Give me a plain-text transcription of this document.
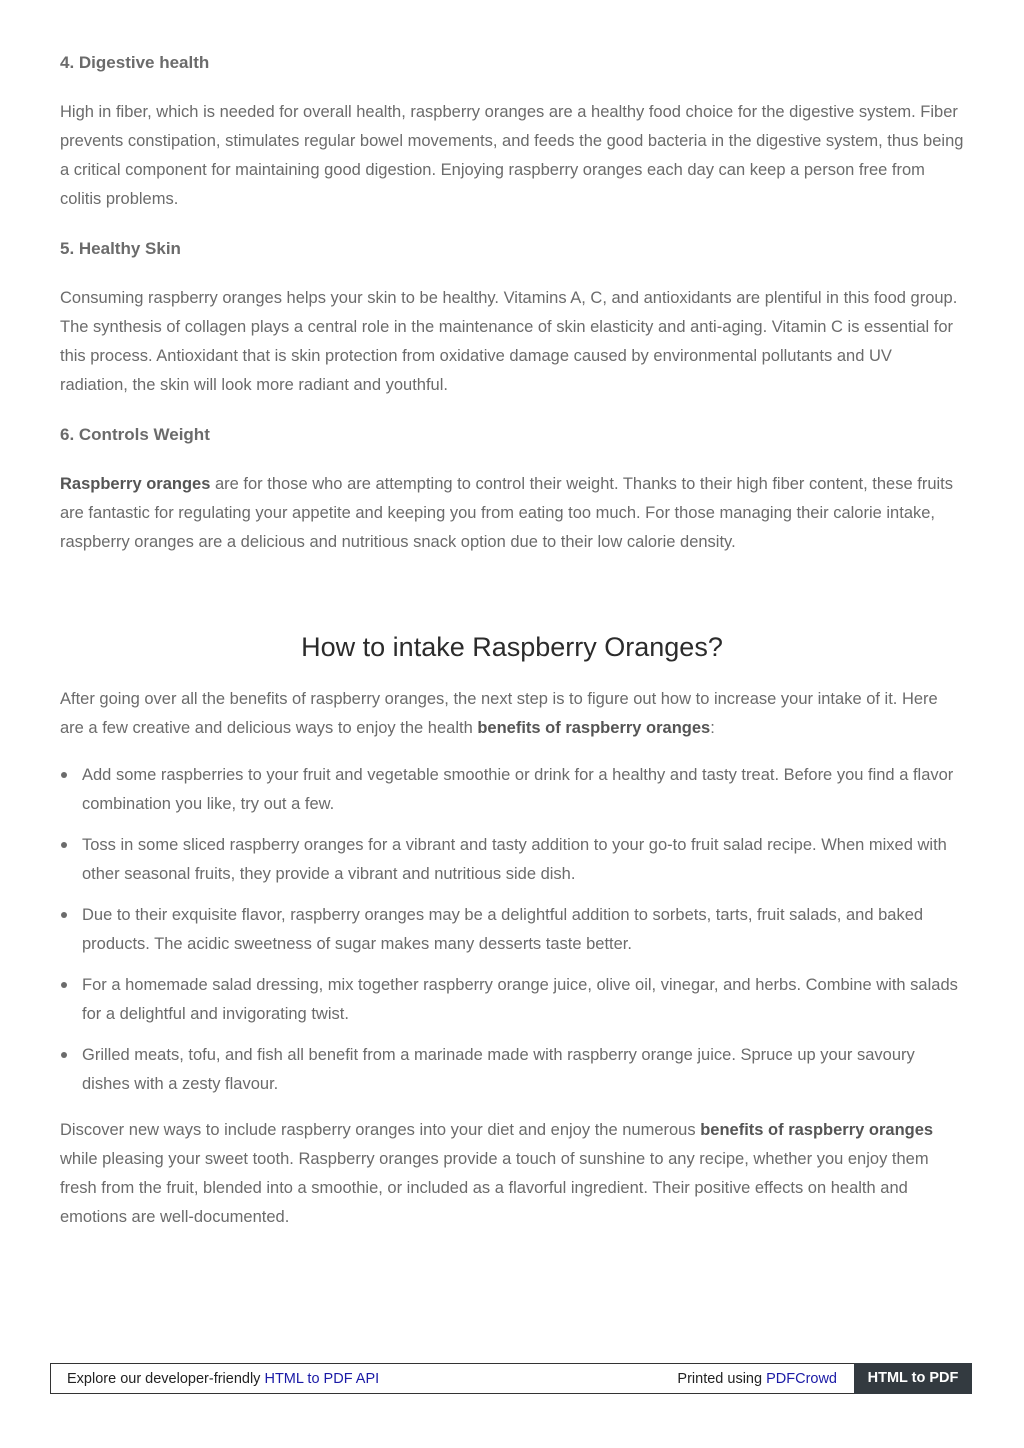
4. Digestive health

High in fiber, which is needed for overall health, raspberry oranges are a healthy food choice for the digestive system. Fiber prevents constipation, stimulates regular bowel movements, and feeds the good bacteria in the digestive system, thus being a critical component for maintaining good digestion. Enjoying raspberry oranges each day can keep a person free from colitis problems.

5. Healthy Skin

Consuming raspberry oranges helps your skin to be healthy. Vitamins A, C, and antioxidants are plentiful in this food group. The synthesis of collagen plays a central role in the maintenance of skin elasticity and anti-aging. Vitamin C is essential for this process. Antioxidant that is skin protection from oxidative damage caused by environmental pollutants and UV radiation, the skin will look more radiant and youthful.

6. Controls Weight

Raspberry oranges are for those who are attempting to control their weight. Thanks to their high fiber content, these fruits are fantastic for regulating your appetite and keeping you from eating too much. For those managing their calorie intake, raspberry oranges are a delicious and nutritious snack option due to their low calorie density.

How to intake Raspberry Oranges?

After going over all the benefits of raspberry oranges, the next step is to figure out how to increase your intake of it. Here are a few creative and delicious ways to enjoy the health benefits of raspberry oranges:

Add some raspberries to your fruit and vegetable smoothie or drink for a healthy and tasty treat. Before you find a flavor combination you like, try out a few.
Toss in some sliced raspberry oranges for a vibrant and tasty addition to your go-to fruit salad recipe. When mixed with other seasonal fruits, they provide a vibrant and nutritious side dish.
Due to their exquisite flavor, raspberry oranges may be a delightful addition to sorbets, tarts, fruit salads, and baked products. The acidic sweetness of sugar makes many desserts taste better.
For a homemade salad dressing, mix together raspberry orange juice, olive oil, vinegar, and herbs. Combine with salads for a delightful and invigorating twist.
Grilled meats, tofu, and fish all benefit from a marinade made with raspberry orange juice. Spruce up your savoury dishes with a zesty flavour.

Discover new ways to include raspberry oranges into your diet and enjoy the numerous benefits of raspberry oranges while pleasing your sweet tooth. Raspberry oranges provide a touch of sunshine to any recipe, whether you enjoy them fresh from the fruit, blended into a smoothie, or included as a flavorful ingredient. Their positive effects on health and emotions are well-documented.

Explore our developer-friendly HTML to PDF API	Printed using PDFCrowd	HTML to PDF
